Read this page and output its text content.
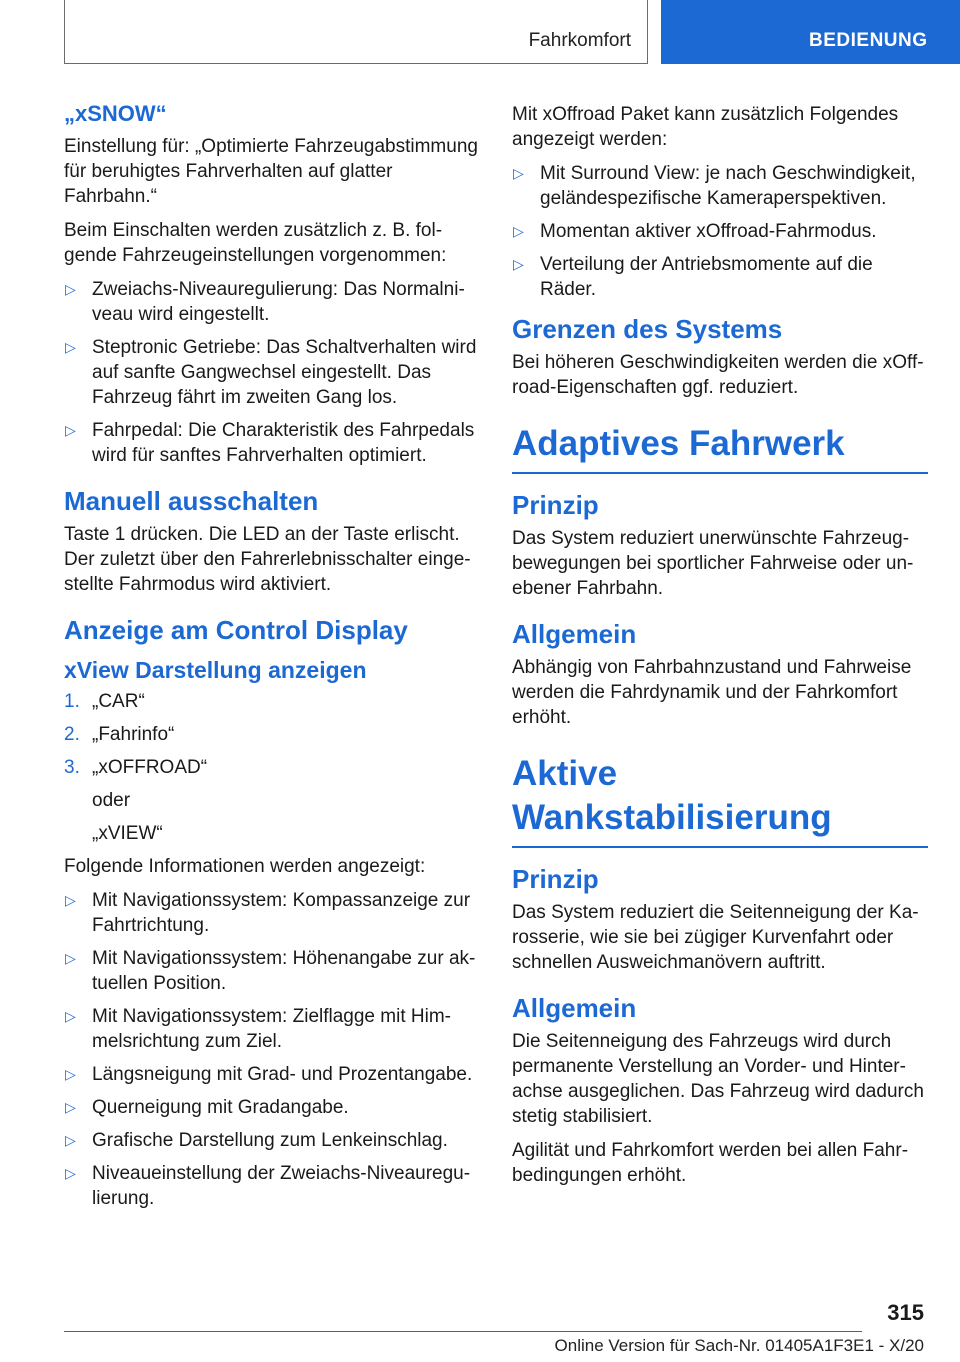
Fahrkomfort	BEDIENUNG
„xSNOW“

Einstellung für: „Optimierte Fahrzeugabstimmung für beruhigtes Fahrverhalten auf glatter Fahrbahn.“

Beim Einschalten werden zusätzlich z. B. folgende Fahrzeugeinstellungen vorgenommen:

▷ Zweiachs-Niveauregulierung: Das Normalniveau wird eingestellt.
▷ Steptronic Getriebe: Das Schaltverhalten wird auf sanfte Gangwechsel eingestellt. Das Fahrzeug fährt im zweiten Gang los.
▷ Fahrpedal: Die Charakteristik des Fahrpedals wird für sanftes Fahrverhalten optimiert.
Manuell ausschalten

Taste 1 drücken. Die LED an der Taste erlischt. Der zuletzt über den Fahrerlebnisschalter eingestellte Fahrmodus wird aktiviert.

Anzeige am Control Display
xView Darstellung anzeigen
1. „CAR“
2. „Fahrinfo“
3. „xOFFROAD“
oder
„xVIEW“

Folgende Informationen werden angezeigt:

▷ Mit Navigationssystem: Kompassanzeige zur Fahrtrichtung.
▷ Mit Navigationssystem: Höhenangabe zur aktuellen Position.
▷ Mit Navigationssystem: Zielflagge mit Himmelsrichtung zum Ziel.
▷ Längsneigung mit Grad- und Prozentangabe.
▷ Querneigung mit Gradangabe.
▷ Grafische Darstellung zum Lenkeinschlag.
▷ Niveaueinstellung der Zweiachs-Niveauregulierung.

Mit xOffroad Paket kann zusätzlich Folgendes angezeigt werden:

▷ Mit Surround View: je nach Geschwindigkeit, geländespezifische Kameraperspektiven.
▷ Momentan aktiver xOffroad-Fahrmodus.
▷ Verteilung der Antriebsmomente auf die Räder.
Grenzen des Systems

Bei höheren Geschwindigkeiten werden die xOffroad-Eigenschaften ggf. reduziert.

Adaptives Fahrwerk
Prinzip

Das System reduziert unerwünschte Fahrzeugbewegungen bei sportlicher Fahrweise oder unebener Fahrbahn.

Allgemein

Abhängig von Fahrbahnzustand und Fahrweise werden die Fahrdynamik und der Fahrkomfort erhöht.

Aktive Wankstabilisierung
Prinzip

Das System reduziert die Seitenneigung der Karosserie, wie sie bei zügiger Kurvenfahrt oder schnellen Ausweichmanövern auftritt.

Allgemein

Die Seitenneigung des Fahrzeugs wird durch permanente Verstellung an Vorder- und Hinterachse ausgeglichen. Das Fahrzeug wird dadurch stetig stabilisiert.

Agilität und Fahrkomfort werden bei allen Fahrbedingungen erhöht.

315
Online Version für Sach-Nr. 01405A1F3E1 - X/20
